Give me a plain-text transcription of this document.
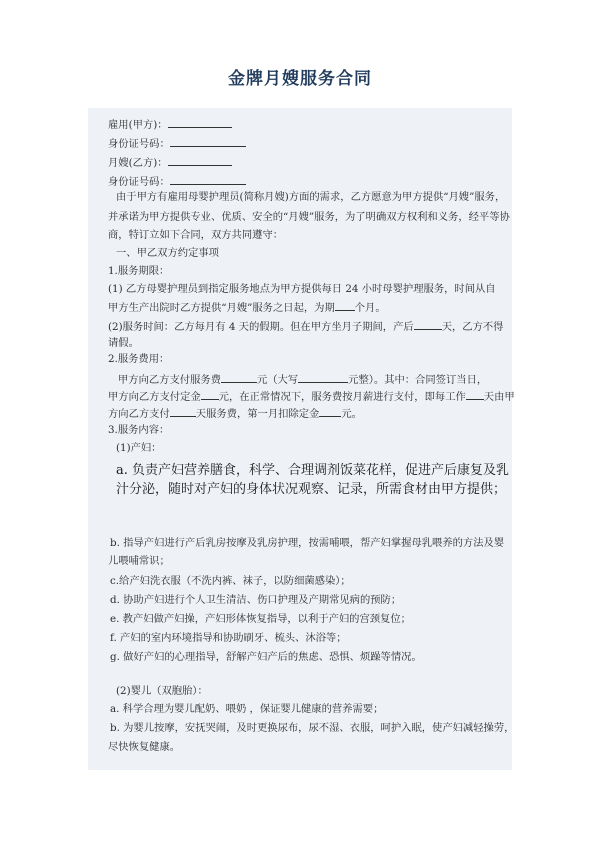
金牌月嫂服务合同
雇用(甲方)：
身份证号码：
月嫂(乙方)：
身份证号码：
由于甲方有雇用母婴护理员(简称月嫂)方面的需求，乙方愿意为甲方提供“月嫂”服务，
并承诺为甲方提供专业、优质、安全的“月嫂”服务，为了明确双方权利和义务，经平等协
商，特订立如下合同，双方共同遵守：
一、甲乙双方约定事项
1.服务期限：
(1) 乙方母婴护理员到指定服务地点为甲方提供每日 24 小时母婴护理服务，时间从自
甲方生产出院时乙方提供“月嫂”服务之日起，为期 个月。
(2)服务时间：乙方每月有 4 天的假期。但在甲方坐月子期间，产后	天，乙方不得
请假。
2.服务费用：
甲方向乙方支付服务费	元（大写	元整）。其中：合同签订当日，
甲方向乙方支付定金 元，在正常情况下，服务费按月薪进行支付，即每工作 天由甲
方向乙方支付	天服务费，第一月扣除定金 元。
3.服务内容：
(1)产妇：
a. 负责产妇营养膳食，科学、合理调剂饭菜花样，促进产后康复及乳汁分泌，随时对产妇的身体状况观察、记录，所需食材由甲方提供；
b. 指导产妇进行产后乳房按摩及乳房护理，按需哺喂，帮产妇掌握母乳喂养的方法及婴
儿喂哺常识；
c.给产妇洗衣服（不洗内裤、袜子，以防细菌感染）；
d. 协助产妇进行个人卫生清洁、伤口护理及产期常见病的预防；
e. 教产妇做产妇操，产妇形体恢复指导，以利于产妇的宫颈复位；
f. 产妇的室内环境指导和协助刷牙、梳头、沐浴等；
g. 做好产妇的心理指导，舒解产妇产后的焦虑、恐惧、烦躁等情况。
(2)婴儿（双胞胎）：
a. 科学合理为婴儿配奶、喂奶 ，保证婴儿健康的营养需要；
b. 为婴儿按摩，安抚哭闹，及时更换尿布，尿不湿、衣服，呵护入眠，使产妇减轻操劳，
尽快恢复健康。
